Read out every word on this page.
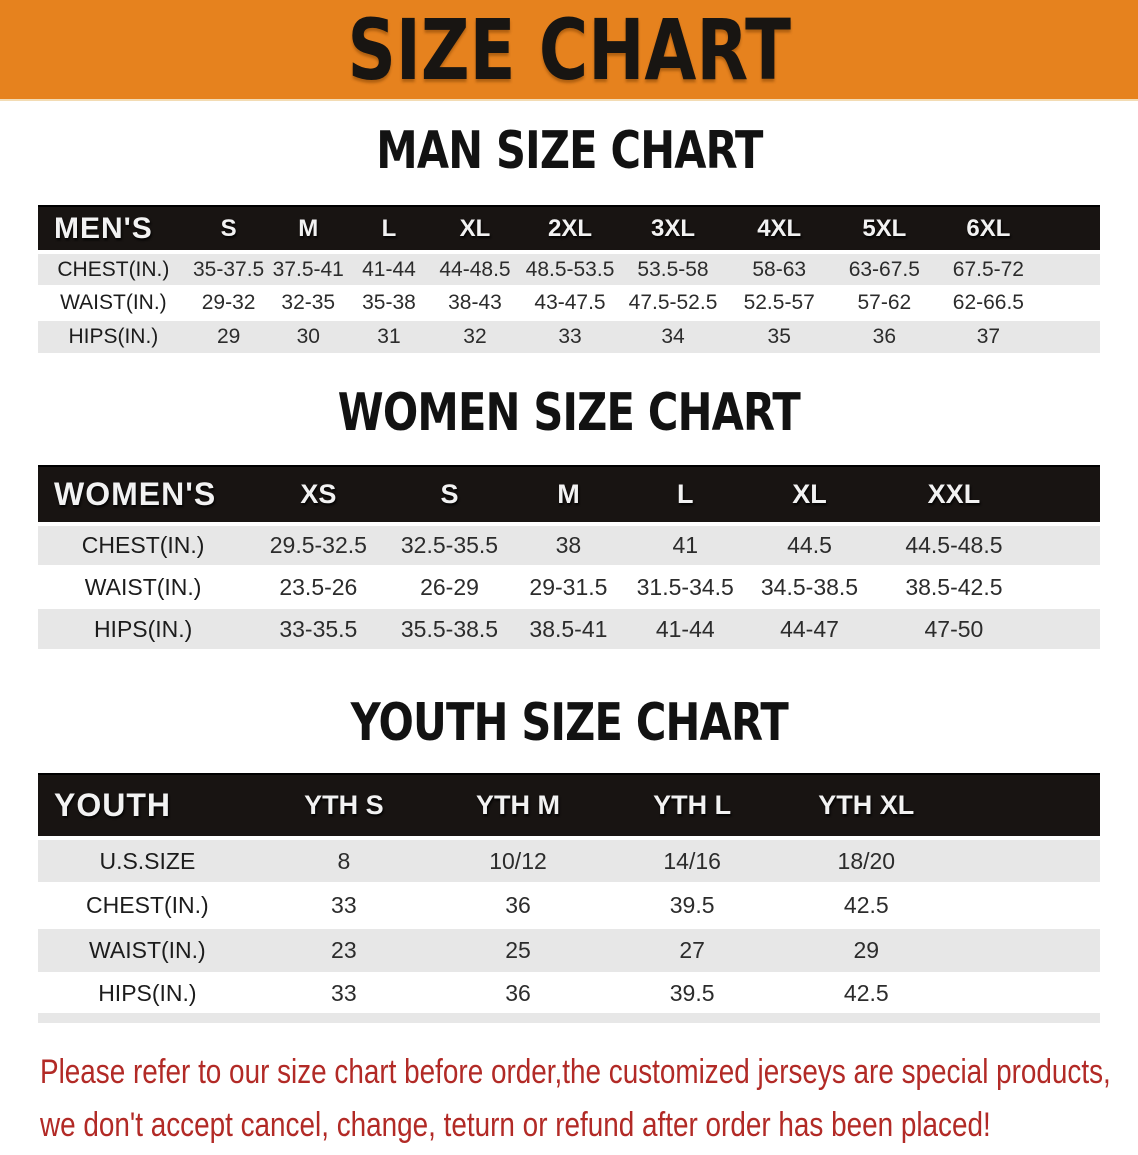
SIZE CHART
MAN SIZE CHART
MEN'S	S	M	L	XL	2XL	3XL	4XL	5XL	6XL	
CHEST(IN.)	35-37.5	37.5-41	41-44	44-48.5	48.5-53.5	53.5-58	58-63	63-67.5	67.5-72	
WAIST(IN.)	29-32	32-35	35-38	38-43	43-47.5	47.5-52.5	52.5-57	57-62	62-66.5	
HIPS(IN.)	29	30	31	32	33	34	35	36	37	
WOMEN SIZE CHART
WOMEN'S	XS	S	M	L	XL	XXL	
CHEST(IN.)	29.5-32.5	32.5-35.5	38	41	44.5	44.5-48.5	
WAIST(IN.)	23.5-26	26-29	29-31.5	31.5-34.5	34.5-38.5	38.5-42.5	
HIPS(IN.)	33-35.5	35.5-38.5	38.5-41	41-44	44-47	47-50	
YOUTH SIZE CHART
YOUTH	YTH S	YTH M	YTH L	YTH XL	
U.S.SIZE	8	10/12	14/16	18/20	
CHEST(IN.)	33	36	39.5	42.5	
WAIST(IN.)	23	25	27	29	
HIPS(IN.)	33	36	39.5	42.5	

Please refer to our size chart before order,the customized jerseys are special products,

we don't accept cancel, change, teturn or refund after order has been placed!
